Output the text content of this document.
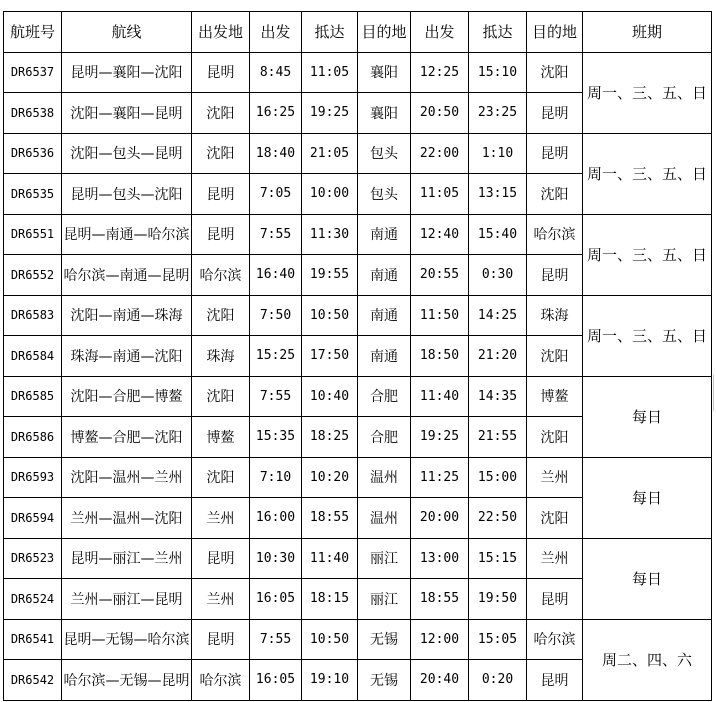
航班号	航线	出发地	出发	抵达	目的地	出发	抵达	目的地	班期
DR6537	昆明—襄阳—沈阳	昆明	8:45	11:05	襄阳	12:25	15:10	沈阳	周一、三、五、日
DR6538	沈阳—襄阳—昆明	沈阳	16:25	19:25	襄阳	20:50	23:25	昆明	
DR6536	沈阳—包头—昆明	沈阳	18:40	21:05	包头	22:00	1:10	昆明	周一、三、五、日
DR6535	昆明—包头—沈阳	昆明	7:05	10:00	包头	11:05	13:15	沈阳	
DR6551	昆明—南通—哈尔滨	昆明	7:55	11:30	南通	12:40	15:40	哈尔滨	周一、三、五、日
DR6552	哈尔滨—南通—昆明	哈尔滨	16:40	19:55	南通	20:55	0:30	昆明	
DR6583	沈阳—南通—珠海	沈阳	7:50	10:50	南通	11:50	14:25	珠海	周一、三、五、日
DR6584	珠海—南通—沈阳	珠海	15:25	17:50	南通	18:50	21:20	沈阳	
DR6585	沈阳—合肥—博鳌	沈阳	7:55	10:40	合肥	11:40	14:35	博鳌	每日
DR6586	博鳌—合肥—沈阳	博鳌	15:35	18:25	合肥	19:25	21:55	沈阳	
DR6593	沈阳—温州—兰州	沈阳	7:10	10:20	温州	11:25	15:00	兰州	每日
DR6594	兰州—温州—沈阳	兰州	16:00	18:55	温州	20:00	22:50	沈阳	
DR6523	昆明—丽江—兰州	昆明	10:30	11:40	丽江	13:00	15:15	兰州	每日
DR6524	兰州—丽江—昆明	兰州	16:05	18:15	丽江	18:55	19:50	昆明	
DR6541	昆明—无锡—哈尔滨	昆明	7:55	10:50	无锡	12:00	15:05	哈尔滨	周二、四、六
DR6542	哈尔滨—无锡—昆明	哈尔滨	16:05	19:10	无锡	20:40	0:20	昆明	
